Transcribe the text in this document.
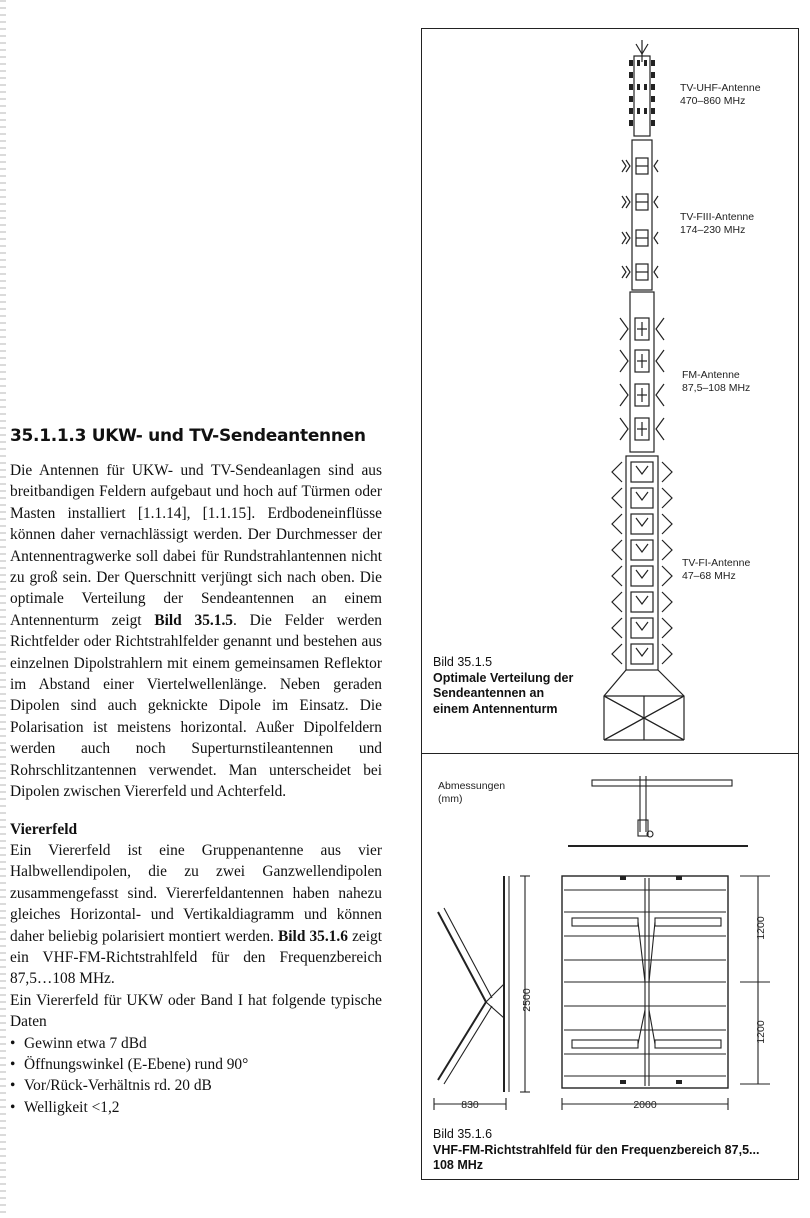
35.1.1.3 UKW- und TV-Sendeantennen

Die Antennen für UKW- und TV-Sendeanlagen sind aus breitbandigen Feldern aufgebaut und hoch auf Türmen oder Masten installiert [1.1.14], [1.1.15]. Erdbodeneinflüsse können daher vernachlässigt werden. Der Durchmesser der Antennentragwerke soll dabei für Rundstrahlantennen nicht zu groß sein. Der Querschnitt verjüngt sich nach oben. Die optimale Verteilung der Sendeantennen an einem Antennenturm zeigt Bild 35.1.5. Die Felder werden Richtfelder oder Richtstrahlfelder genannt und bestehen aus einzelnen Dipolstrahlern mit einem gemeinsamen Reflektor im Abstand einer Viertelwellenlänge. Neben geraden Dipolen sind auch geknickte Dipole im Einsatz. Die Polarisation ist meistens horizontal. Außer Dipolfeldern werden auch noch Superturnstileantennen und Rohrschlitzantennen verwendet. Man unterscheidet bei Dipolen zwischen Viererfeld und Achterfeld.

Viererfeld

Ein Viererfeld ist eine Gruppenantenne aus vier Halbwellendipolen, die zu zwei Ganzwellendipolen zusammengefasst sind. Viererfeldantennen haben nahezu gleiches Horizontal- und Vertikaldiagramm und können daher beliebig polarisiert montiert werden. Bild 35.1.6 zeigt ein VHF-FM-Richtstrahlfeld für den Frequenzbereich 87,5…108 MHz.

Ein Viererfeld für UKW oder Band I hat folgende typische Daten

• Gewinn etwa 7 dBd
• Öffnungswinkel (E-Ebene) rund 90°
• Vor/Rück-Verhältnis rd. 20 dB
• Welligkeit <1,2
TV-UHF-Antenne
470–860 MHz
TV-FIII-Antenne
174–230 MHz
FM-Antenne
87,5–108 MHz
TV-FI-Antenne
47–68 MHz
Bild 35.1.5
Optimale Verteilung der Sendeantennen an einem Antennenturm
2500
830	2000
1200
1200
Abmessungen
(mm)
Bild 35.1.6
VHF-FM-Richtstrahlfeld für den Frequenzbereich 87,5... 108 MHz
